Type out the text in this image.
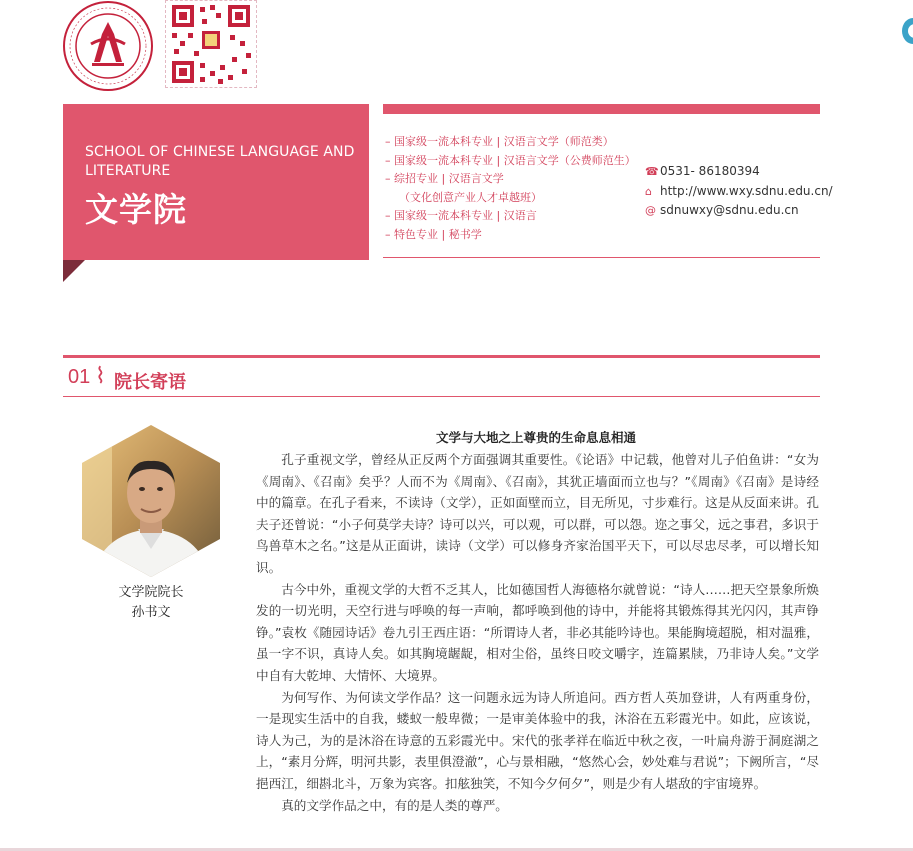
SCHOOL OF CHINESE LANGUAGE AND LITERATURE
文学院
– 国家级一流本科专业 | 汉语言文学（师范类）
– 国家级一流本科专业 | 汉语言文学（公费师范生）
– 综招专业 | 汉语言文学
（文化创意产业人才卓越班）
– 国家级一流本科专业 | 汉语言
– 特色专业 | 秘书学
☎0531- 86180394
⌂ http://www.wxy.sdnu.edu.cn/
@ sdnuwxy@sdnu.edu.cn
01 ⌇ 院长寄语
文学院院长
孙书文
文学与大地之上尊贵的生命息息相通

孔子重视文学，曾经从正反两个方面强调其重要性。《论语》中记载，他曾对儿子伯鱼讲：“女为《周南》、《召南》矣乎？人而不为《周南》、《召南》，其犹正墙面而立也与？”《周南》《召南》是诗经中的篇章。在孔子看来，不读诗（文学），正如面壁而立，目无所见，寸步难行。这是从反面来讲。孔夫子还曾说：“小子何莫学夫诗？诗可以兴，可以观，可以群，可以怨。迩之事父，远之事君，多识于鸟兽草木之名。”这是从正面讲，读诗（文学）可以修身齐家治国平天下，可以尽忠尽孝，可以增长知识。

古今中外，重视文学的大哲不乏其人，比如德国哲人海德格尔就曾说：“诗人……把天空景象所焕发的一切光明，天空行进与呼唤的每一声响，都呼唤到他的诗中，并能将其锻炼得其光闪闪，其声铮铮。”袁枚《随园诗话》卷九引王西庄语：“所谓诗人者，非必其能吟诗也。果能胸境超脱，相对温雅，虽一字不识，真诗人矣。如其胸境龌龊，相对尘俗，虽终日咬文嚼字，连篇累牍，乃非诗人矣。”文学中自有大乾坤、大情怀、大境界。

为何写作、为何读文学作品？这一问题永远为诗人所追问。西方哲人英加登讲，人有两重身份，一是现实生活中的自我，蝼蚁一般卑微；一是审美体验中的我，沐浴在五彩霞光中。如此，应该说，诗人为己，为的是沐浴在诗意的五彩霞光中。宋代的张孝祥在临近中秋之夜，一叶扁舟游于洞庭湖之上，“素月分辉，明河共影，表里俱澄澈”，心与景相融，“悠然心会，妙处难与君说”；下阙所言，“尽挹西江，细斟北斗，万象为宾客。扣舷独笑，不知今夕何夕”，则是少有人堪敌的宇宙境界。

真的文学作品之中，有的是人类的尊严。
